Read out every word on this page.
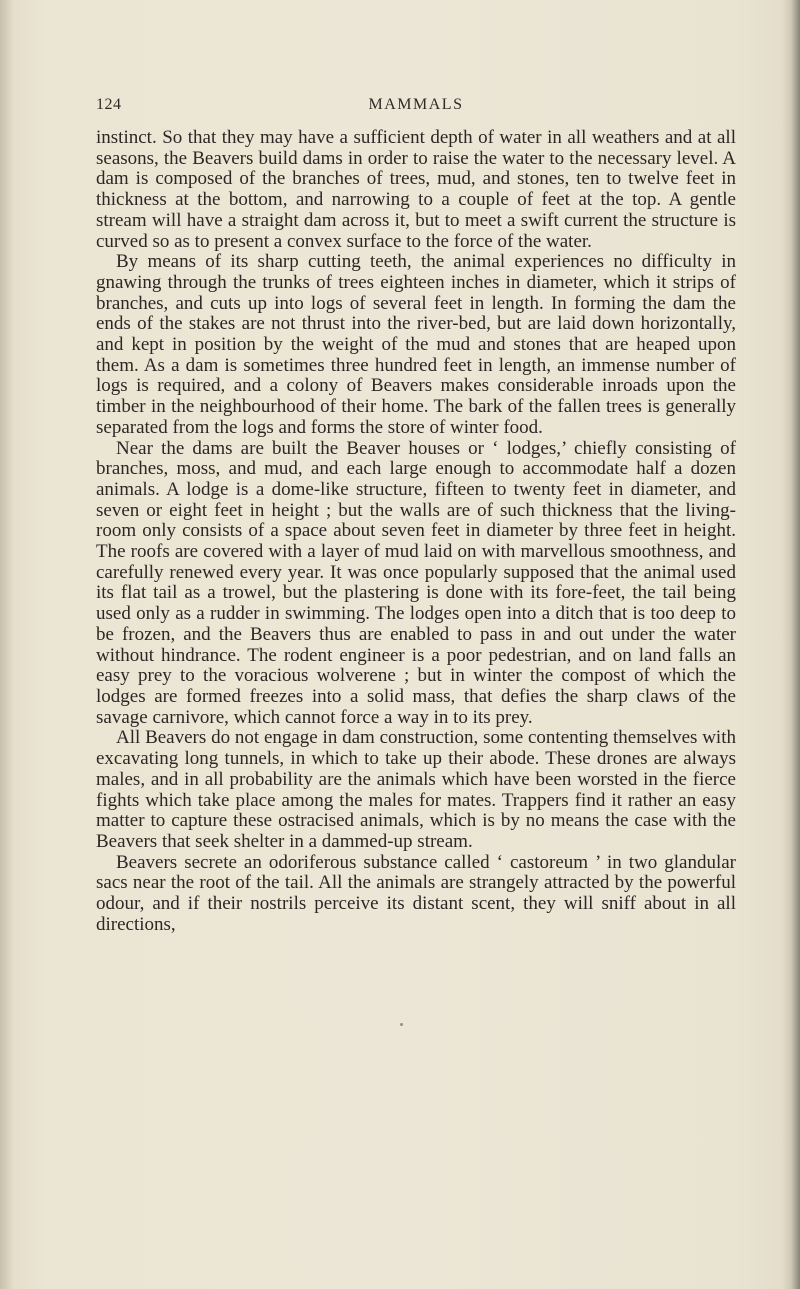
124	MAMMALS

instinct. So that they may have a sufficient depth of water in all weathers and at all seasons, the Beavers build dams in order to raise the water to the necessary level. A dam is composed of the branches of trees, mud, and stones, ten to twelve feet in thickness at the bottom, and narrowing to a couple of feet at the top. A gentle stream will have a straight dam across it, but to meet a swift current the structure is curved so as to present a convex surface to the force of the water.

By means of its sharp cutting teeth, the animal experiences no difficulty in gnawing through the trunks of trees eighteen inches in diameter, which it strips of branches, and cuts up into logs of several feet in length. In forming the dam the ends of the stakes are not thrust into the river-bed, but are laid down horizontally, and kept in position by the weight of the mud and stones that are heaped upon them. As a dam is sometimes three hundred feet in length, an immense number of logs is required, and a colony of Beavers makes considerable inroads upon the timber in the neighbourhood of their home. The bark of the fallen trees is generally separated from the logs and forms the store of winter food.

Near the dams are built the Beaver houses or ‘ lodges,’ chiefly consisting of branches, moss, and mud, and each large enough to accommodate half a dozen animals. A lodge is a dome-like structure, fifteen to twenty feet in diameter, and seven or eight feet in height ; but the walls are of such thickness that the living-room only consists of a space about seven feet in diameter by three feet in height. The roofs are covered with a layer of mud laid on with marvellous smoothness, and carefully renewed every year. It was once popularly supposed that the animal used its flat tail as a trowel, but the plastering is done with its fore-feet, the tail being used only as a rudder in swimming. The lodges open into a ditch that is too deep to be frozen, and the Beavers thus are enabled to pass in and out under the water without hindrance. The rodent engineer is a poor pedestrian, and on land falls an easy prey to the voracious wolverene ; but in winter the compost of which the lodges are formed freezes into a solid mass, that defies the sharp claws of the savage carnivore, which cannot force a way in to its prey.

All Beavers do not engage in dam construction, some contenting themselves with excavating long tunnels, in which to take up their abode. These drones are always males, and in all probability are the animals which have been worsted in the fierce fights which take place among the males for mates. Trappers find it rather an easy matter to capture these ostracised animals, which is by no means the case with the Beavers that seek shelter in a dammed-up stream.

Beavers secrete an odoriferous substance called ‘ castoreum ’ in two glandular sacs near the root of the tail. All the animals are strangely attracted by the powerful odour, and if their nostrils perceive its distant scent, they will sniff about in all directions,
